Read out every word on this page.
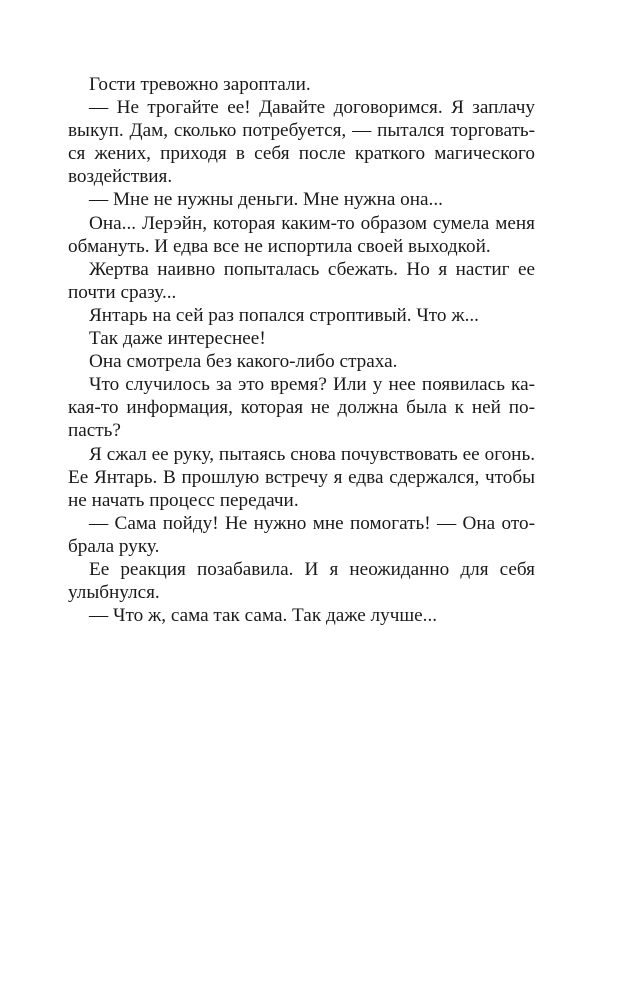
Гости тревожно зароптали.
— Не трогайте ее! Давайте договоримся. Я заплачу
выкуп. Дам, сколько потребуется, — пытался торговать-
ся жених, приходя в себя после краткого магического
воздействия.
— Мне не нужны деньги. Мне нужна она...
Она... Лерэйн, которая каким-то образом сумела меня
обмануть. И едва все не испортила своей выходкой.
Жертва наивно попыталась сбежать. Но я настиг ее
почти сразу...
Янтарь на сей раз попался строптивый. Что ж...
Так даже интереснее!
Она смотрела без какого-либо страха.
Что случилось за это время? Или у нее появилась ка-
кая-то информация, которая не должна была к ней по-
пасть?
Я сжал ее руку, пытаясь снова почувствовать ее огонь.
Ее Янтарь. В прошлую встречу я едва сдержался, чтобы
не начать процесс передачи.
— Сама пойду! Не нужно мне помогать! — Она ото-
брала руку.
Ее реакция позабавила. И я неожиданно для себя
улыбнулся.
— Что ж, сама так сама. Так даже лучше...
